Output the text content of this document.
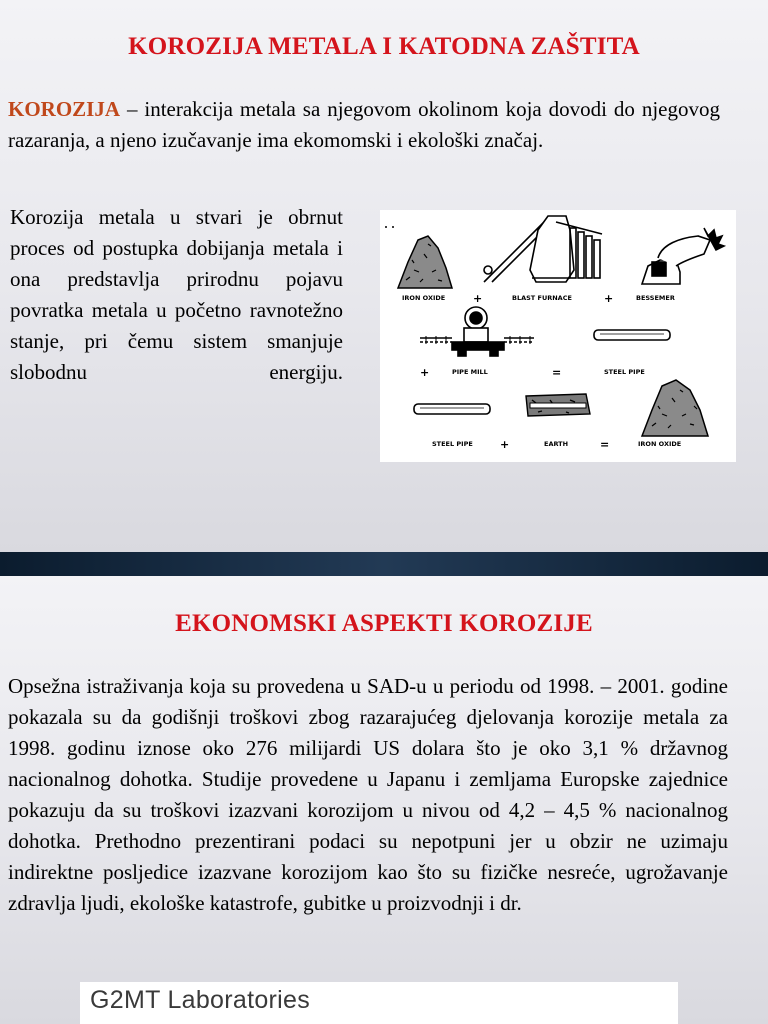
KOROZIJA METALA I KATODNA ZAŠTITA

KOROZIJA – interakcija metala sa njegovom okolinom koja dovodi do njegovog razaranja, a njeno izučavanje ima ekomomski i ekološki značaj.

Korozija metala u stvari je obrnut proces od postupka dobijanja metala i ona predstavlja prirodnu pojavu povratka metala u početno ravnotežno stanje, pri čemu sistem smanjuje slobodnu energiju.

IRON OXIDE	+	BLAST FURNACE	+	BESSEMER
+	PIPE MILL	=	STEEL PIPE
STEEL PIPE +	EARTH	=	IRON OXIDE
EKONOMSKI ASPEKTI KOROZIJE

Opsežna istraživanja koja su provedena u SAD-u u periodu od 1998. – 2001. godine pokazala su da godišnji troškovi zbog razarajućeg djelovanja korozije metala za 1998. godinu iznose oko 276 milijardi US dolara što je oko 3,1 % državnog nacionalnog dohotka. Studije provedene u Japanu i zemljama Europske zajednice pokazuju da su troškovi izazvani korozijom u nivou od 4,2 – 4,5 % nacionalnog dohotka. Prethodno prezentirani podaci su nepotpuni jer u obzir ne uzimaju indirektne posljedice izazvane korozijom kao što su fizičke nesreće, ugrožavanje zdravlja ljudi, ekološke katastrofe, gubitke u proizvodnji i dr.

G2MT Laboratories
